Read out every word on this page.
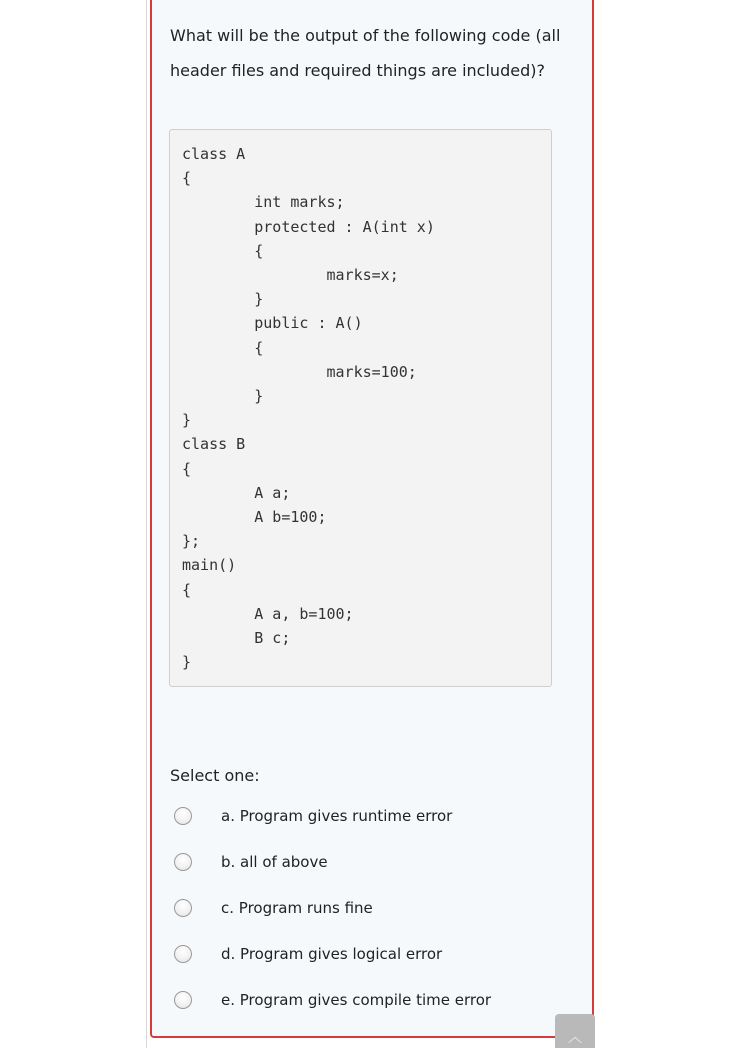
What will be the output of the following code (all header files and required things are included)?

class A
{
int marks;
protected : A(int x)
{
marks=x;
}
public : A()
{
marks=100;
}
}
class B
{
A a;
A b=100;
};
main()
{
A a, b=100;
B c;
}
Select one:
a. Program gives runtime error
b. all of above
c. Program runs fine
d. Program gives logical error
e. Program gives compile time error
︿
